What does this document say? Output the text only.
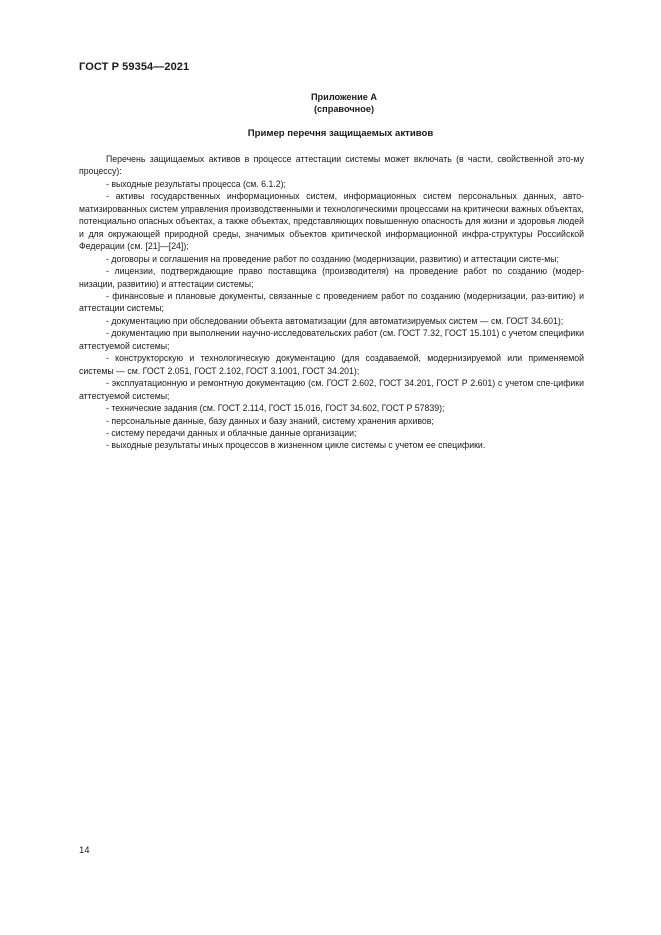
ГОСТ Р 59354—2021
Приложение А
(справочное)
Пример перечня защищаемых активов

Перечень защищаемых активов в процессе аттестации системы может включать (в части, свойственной это-му процессу):

- выходные результаты процесса (см. 6.1.2);

- активы государственных информационных систем, информационных систем персональных данных, авто-матизированных систем управления производственными и технологическими процессами на критически важных объектах, потенциально опасных объектах, а также объектах, представляющих повышенную опасность для жизни и здоровья людей и для окружающей природной среды, значимых объектов критической информационной инфра-структуры Российской Федерации (см. [21]—[24]);

- договоры и соглашения на проведение работ по созданию (модернизации, развитию) и аттестации систе-мы;

- лицензии, подтверждающие право поставщика (производителя) на проведение работ по созданию (модер-низации, развитию) и аттестации системы;

- финансовые и плановые документы, связанные с проведением работ по созданию (модернизации, раз-витию) и аттестации системы;

- документацию при обследовании объекта автоматизации (для автоматизируемых систем — см. ГОСТ 34.601);

- документацию при выполнении научно-исследовательских работ (см. ГОСТ 7.32, ГОСТ 15.101) с учетом специфики аттестуемой системы;

- конструкторскую и технологическую документацию (для создаваемой, модернизируемой или применяемой системы — см. ГОСТ 2.051, ГОСТ 2.102, ГОСТ 3.1001, ГОСТ 34.201);

- эксплуатационную и ремонтную документацию (см. ГОСТ 2.602, ГОСТ 34.201, ГОСТ Р 2.601) с учетом спе-цифики аттестуемой системы;

- технические задания (см. ГОСТ 2.114, ГОСТ 15.016, ГОСТ 34.602, ГОСТ Р 57839);

- персональные данные, базу данных и базу знаний, систему хранения архивов;

- систему передачи данных и облачные данные организации;

- выходные результаты иных процессов в жизненном цикле системы с учетом ее специфики.

14
